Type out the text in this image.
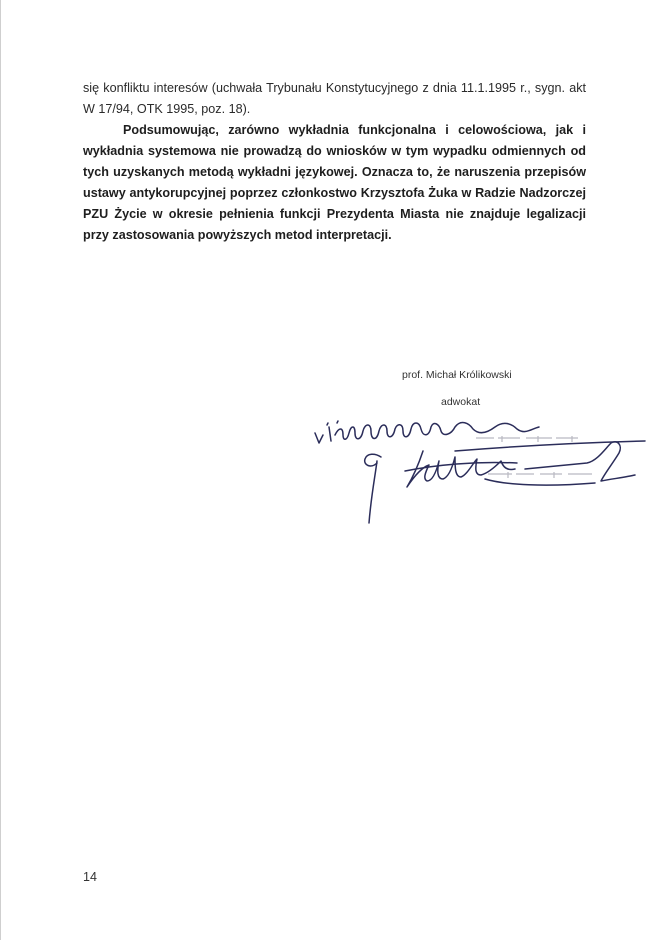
się konfliktu interesów (uchwała Trybunału Konstytucyjnego z dnia 11.1.1995 r., sygn. akt W 17/94, OTK 1995, poz. 18).

Podsumowując, zarówno wykładnia funkcjonalna i celowościowa, jak i wykładnia systemowa nie prowadzą do wniosków w tym wypadku odmiennych od tych uzyskanych metodą wykładni językowej. Oznacza to, że naruszenia przepisów ustawy antykorupcyjnej poprzez członkostwo Krzysztofa Żuka w Radzie Nadzorczej PZU Życie w okresie pełnienia funkcji Prezydenta Miasta nie znajduje legalizacji przy zastosowania powyższych metod interpretacji.

prof. Michał Królikowski
adwokat
14
